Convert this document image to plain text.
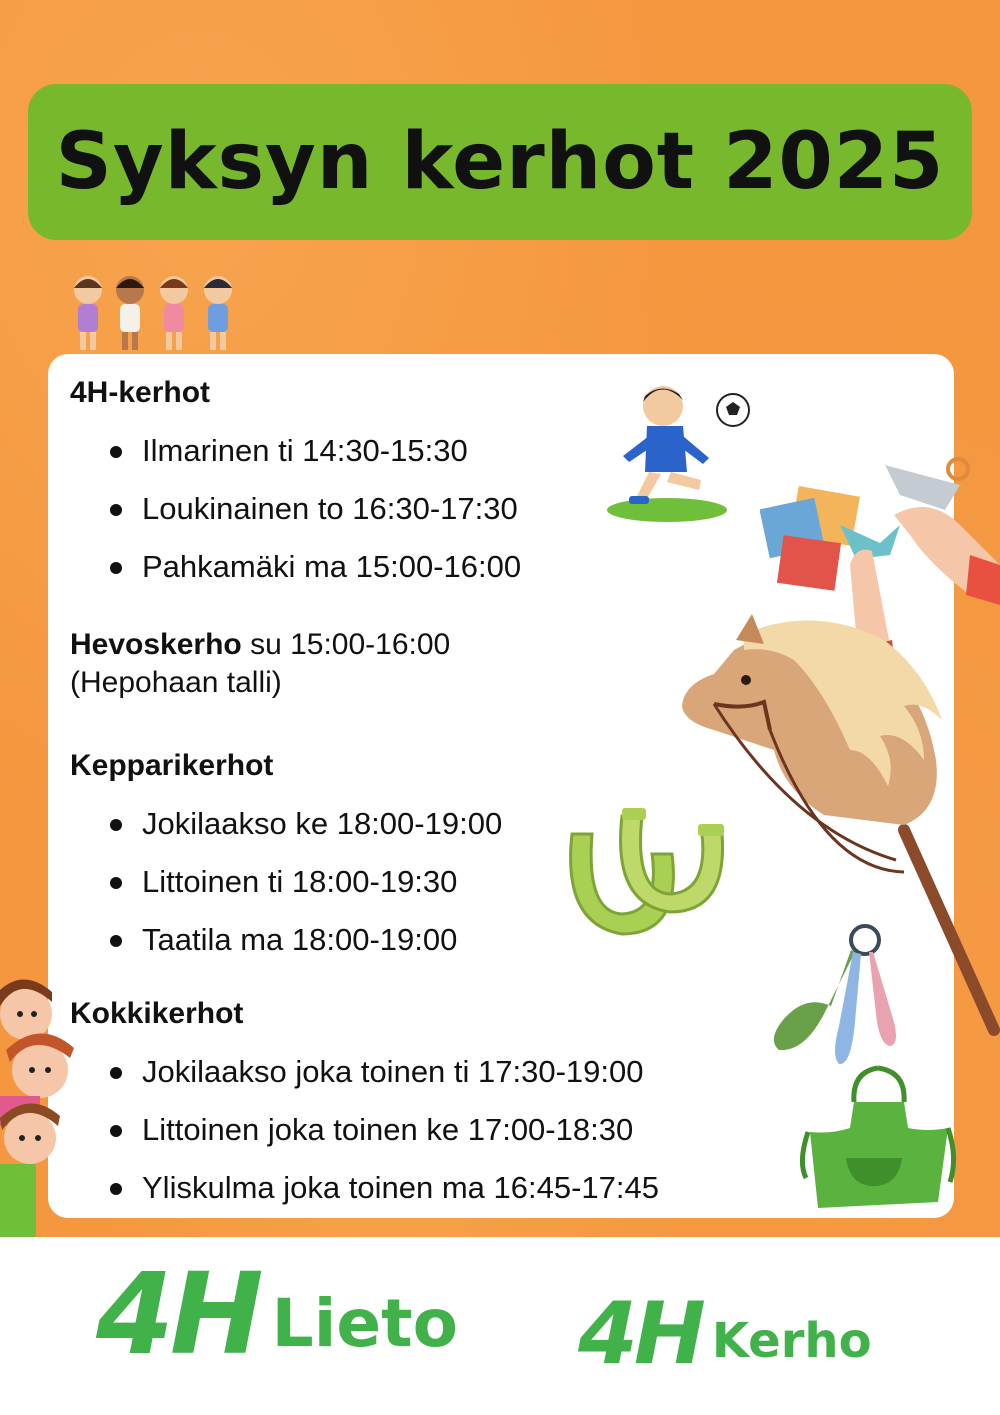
Syksyn kerhot 2025
4H-kerhot
Ilmarinen ti 14:30-15:30
Loukinainen to 16:30-17:30
Pahkamäki ma 15:00-16:00
Hevoskerho su 15:00-16:00
(Hepohaan talli)
Kepparikerhot
Jokilaakso ke 18:00-19:00
Littoinen ti 18:00-19:30
Taatila ma 18:00-19:00
Kokkikerhot
Jokilaakso joka toinen ti 17:30-19:00
Littoinen joka toinen ke 17:00-18:30
Yliskulma joka toinen ma 16:45-17:45
4H Lieto 4H Kerho
